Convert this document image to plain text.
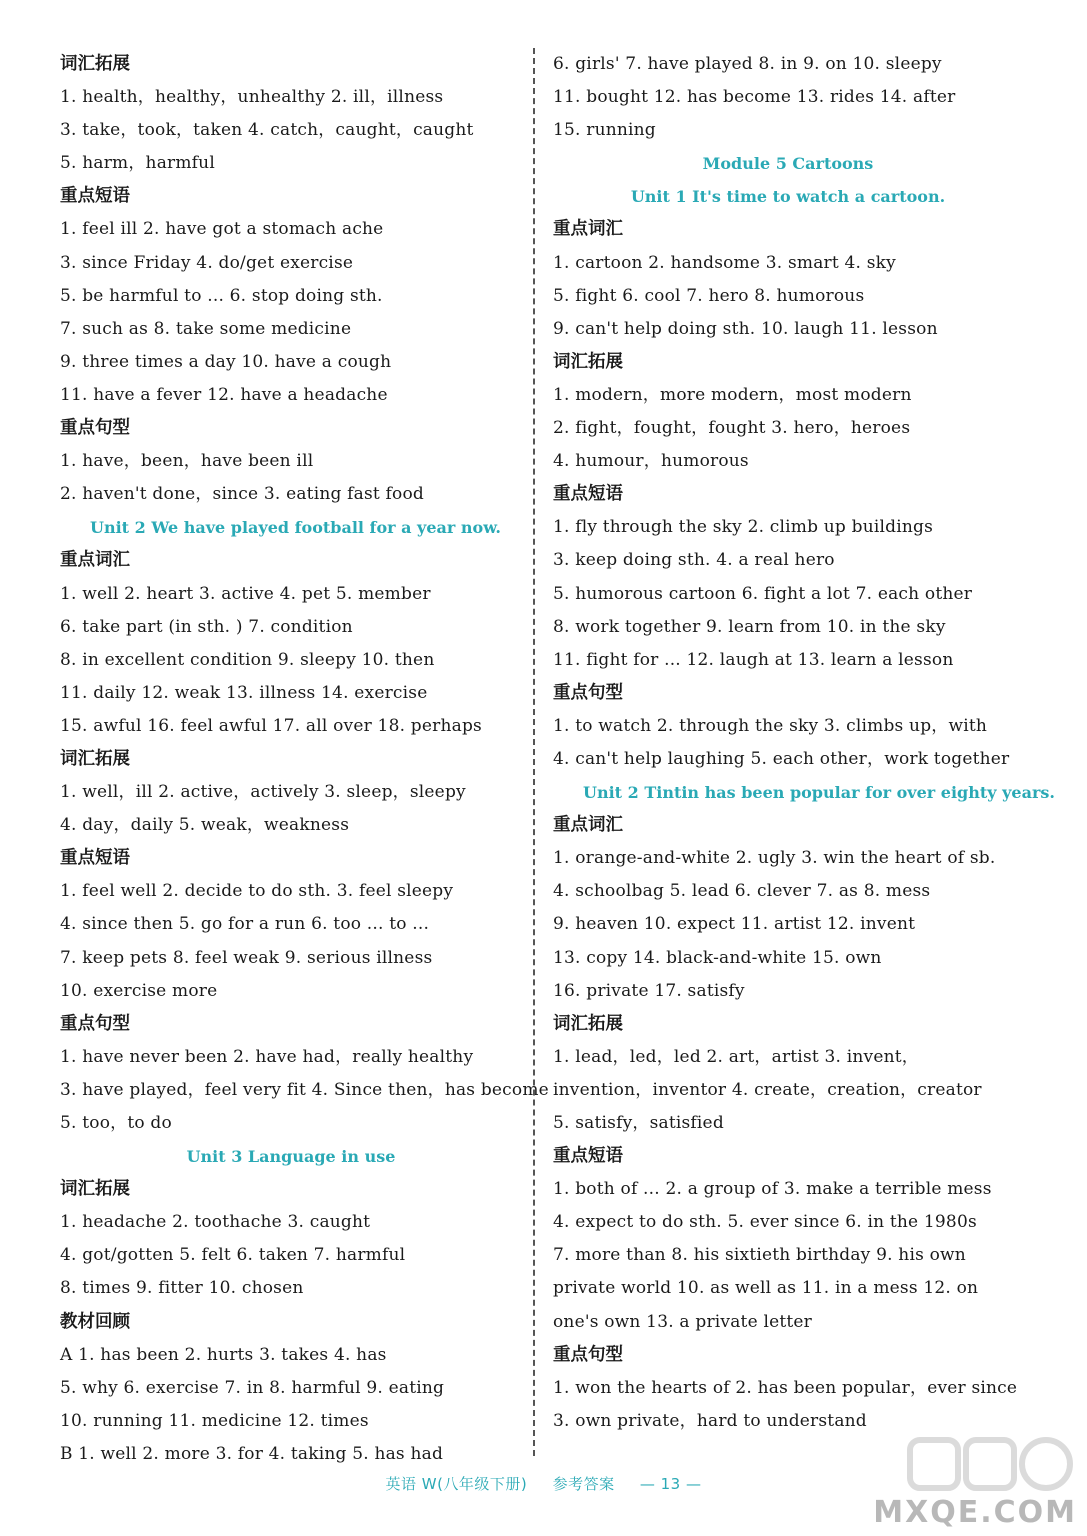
词汇拓展
1. health，healthy，unhealthy 2. ill，illness
3. take，took，taken 4. catch，caught，caught
5. harm，harmful
重点短语
1. feel ill 2. have got a stomach ache
3. since Friday 4. do/get exercise
5. be harmful to ... 6. stop doing sth.
7. such as 8. take some medicine
9. three times a day 10. have a cough
11. have a fever 12. have a headache
重点句型
1. have，been，have been ill
2. haven't done，since 3. eating fast food
Unit 2 We have played football for a year now.
重点词汇
1. well 2. heart 3. active 4. pet 5. member
6. take part (in sth. ) 7. condition
8. in excellent condition 9. sleepy 10. then
11. daily 12. weak 13. illness 14. exercise
15. awful 16. feel awful 17. all over 18. perhaps
词汇拓展
1. well，ill 2. active，actively 3. sleep，sleepy
4. day，daily 5. weak，weakness
重点短语
1. feel well 2. decide to do sth. 3. feel sleepy
4. since then 5. go for a run 6. too ... to ...
7. keep pets 8. feel weak 9. serious illness
10. exercise more
重点句型
1. have never been 2. have had，really healthy
3. have played，feel very fit 4. Since then，has become
5. too，to do
Unit 3 Language in use
词汇拓展
1. headache 2. toothache 3. caught
4. got/gotten 5. felt 6. taken 7. harmful
8. times 9. fitter 10. chosen
教材回顾
A 1. has been 2. hurts 3. takes 4. has
5. why 6. exercise 7. in 8. harmful 9. eating
10. running 11. medicine 12. times
B 1. well 2. more 3. for 4. taking 5. has had
6. girls' 7. have played 8. in 9. on 10. sleepy
11. bought 12. has become 13. rides 14. after
15. running
Module 5 Cartoons
Unit 1 It's time to watch a cartoon.
重点词汇
1. cartoon 2. handsome 3. smart 4. sky
5. fight 6. cool 7. hero 8. humorous
9. can't help doing sth. 10. laugh 11. lesson
词汇拓展
1. modern，more modern，most modern
2. fight，fought，fought 3. hero，heroes
4. humour，humorous
重点短语
1. fly through the sky 2. climb up buildings
3. keep doing sth. 4. a real hero
5. humorous cartoon 6. fight a lot 7. each other
8. work together 9. learn from 10. in the sky
11. fight for ... 12. laugh at 13. learn a lesson
重点句型
1. to watch 2. through the sky 3. climbs up，with
4. can't help laughing 5. each other，work together
Unit 2 Tintin has been popular for over eighty years.
重点词汇
1. orange-and-white 2. ugly 3. win the heart of sb.
4. schoolbag 5. lead 6. clever 7. as 8. mess
9. heaven 10. expect 11. artist 12. invent
13. copy 14. black-and-white 15. own
16. private 17. satisfy
词汇拓展
1. lead，led，led 2. art，artist 3. invent，
invention，inventor 4. create，creation，creator
5. satisfy，satisfied
重点短语
1. both of ... 2. a group of 3. make a terrible mess
4. expect to do sth. 5. ever since 6. in the 1980s
7. more than 8. his sixtieth birthday 9. his own
private world 10. as well as 11. in a mess 12. on
one's own 13. a private letter
重点句型
1. won the hearts of 2. has been popular，ever since
3. own private，hard to understand
英语 W(八年级下册) 参考答案 — 13 —
MXQE.COM
